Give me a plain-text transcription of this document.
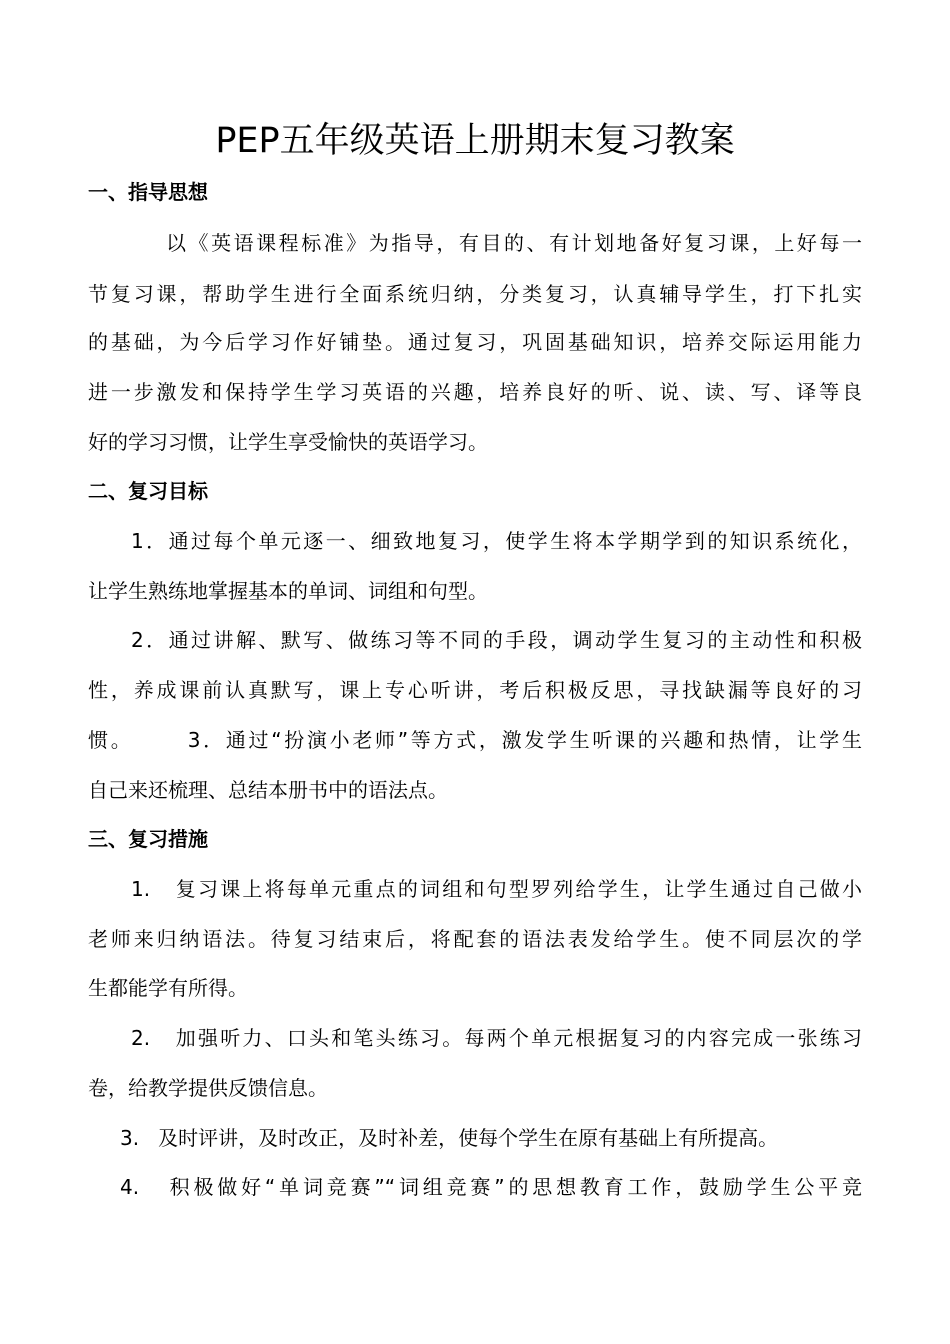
PEP五年级英语上册期末复习教案
一、指导思想

以《英语课程标准》为指导，有目的、有计划地备好复习课，上好每一

节复习课，帮助学生进行全面系统归纳，分类复习，认真辅导学生，打下扎实

的基础，为今后学习作好铺垫。通过复习，巩固基础知识，培养交际运用能力

进一步激发和保持学生学习英语的兴趣，培养良好的听、说、读、写、译等良

好的学习习惯，让学生享受愉快的英语学习。

二、复习目标

1．通过每个单元逐一、细致地复习，使学生将本学期学到的知识系统化，

让学生熟练地掌握基本的单词、词组和句型。

2．通过讲解、默写、做练习等不同的手段，调动学生复习的主动性和积极

性，养成课前认真默写，课上专心听讲，考后积极反思，寻找缺漏等良好的习

惯。      3．通过“扮演小老师”等方式，激发学生听课的兴趣和热情，让学生

自己来还梳理、总结本册书中的语法点。

三、复习措施

1.   复习课上将每单元重点的词组和句型罗列给学生，让学生通过自己做小

老师来归纳语法。待复习结束后，将配套的语法表发给学生。使不同层次的学

生都能学有所得。

2.   加强听力、口头和笔头练习。每两个单元根据复习的内容完成一张练习

卷，给教学提供反馈信息。

3.   及时评讲，及时改正，及时补差，使每个学生在原有基础上有所提高。

4.   积极做好“单词竞赛”“词组竞赛”的思想教育工作，鼓励学生公平竞
